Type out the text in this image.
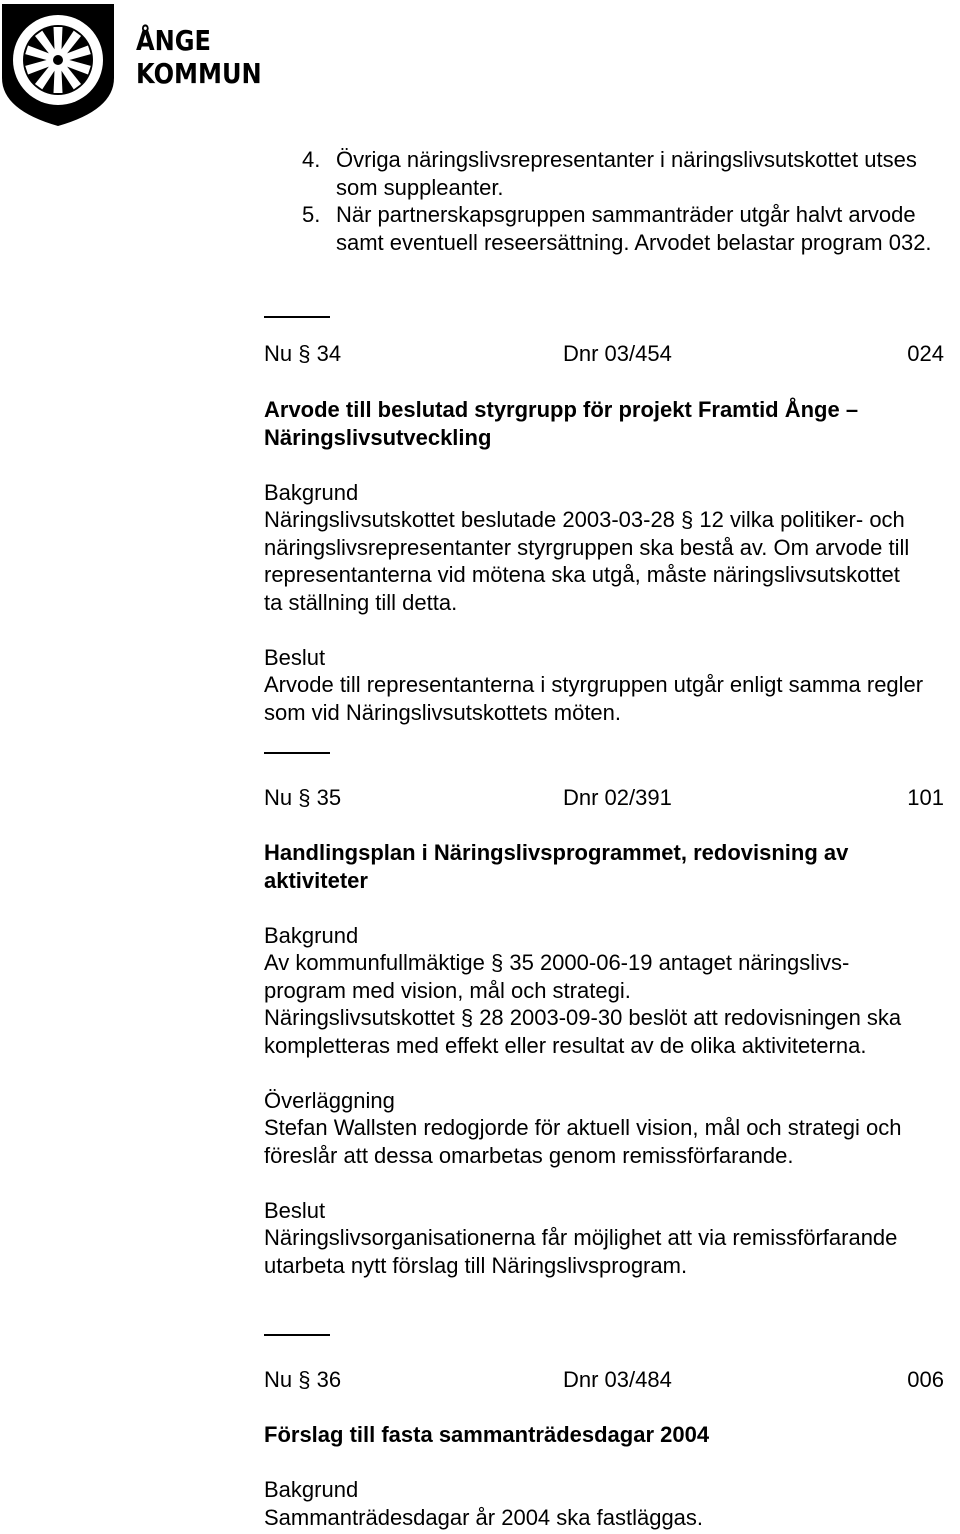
ÅNGE
KOMMUN
4. Övriga näringslivsrepresentanter i näringslivsutskottet utses som suppleanter.
5. När partnerskapsgruppen sammanträder utgår halvt arvode samt eventuell reseersättning. Arvodet belastar program 032.
Nu § 34	Dnr 03/454	024

Arvode till beslutad styrgrupp för projekt Framtid Ånge – Näringslivsutveckling

Bakgrund

Näringslivsutskottet beslutade 2003-03-28 § 12 vilka politiker- och näringslivsrepresentanter styrgruppen ska bestå av. Om arvode till representanterna vid mötena ska utgå, måste näringslivsutskottet ta ställning till detta.

Beslut

Arvode till representanterna i styrgruppen utgår enligt samma regler som vid Näringslivsutskottets möten.

Nu § 35	Dnr 02/391	101

Handlingsplan i Näringslivsprogrammet, redovisning av aktiviteter

Bakgrund

Av kommunfullmäktige § 35 2000-06-19 antaget näringslivs-program med vision, mål och strategi.

Näringslivsutskottet § 28 2003-09-30 beslöt att redovisningen ska kompletteras med effekt eller resultat av de olika aktiviteterna.

Överläggning

Stefan Wallsten redogjorde för aktuell vision, mål och strategi och föreslår att dessa omarbetas genom remissförfarande.

Beslut

Näringslivsorganisationerna får möjlighet att via remissförfarande utarbeta nytt förslag till Näringslivsprogram.

Nu § 36	Dnr 03/484	006

Förslag till fasta sammanträdesdagar 2004

Bakgrund

Sammanträdesdagar år 2004 ska fastläggas.
